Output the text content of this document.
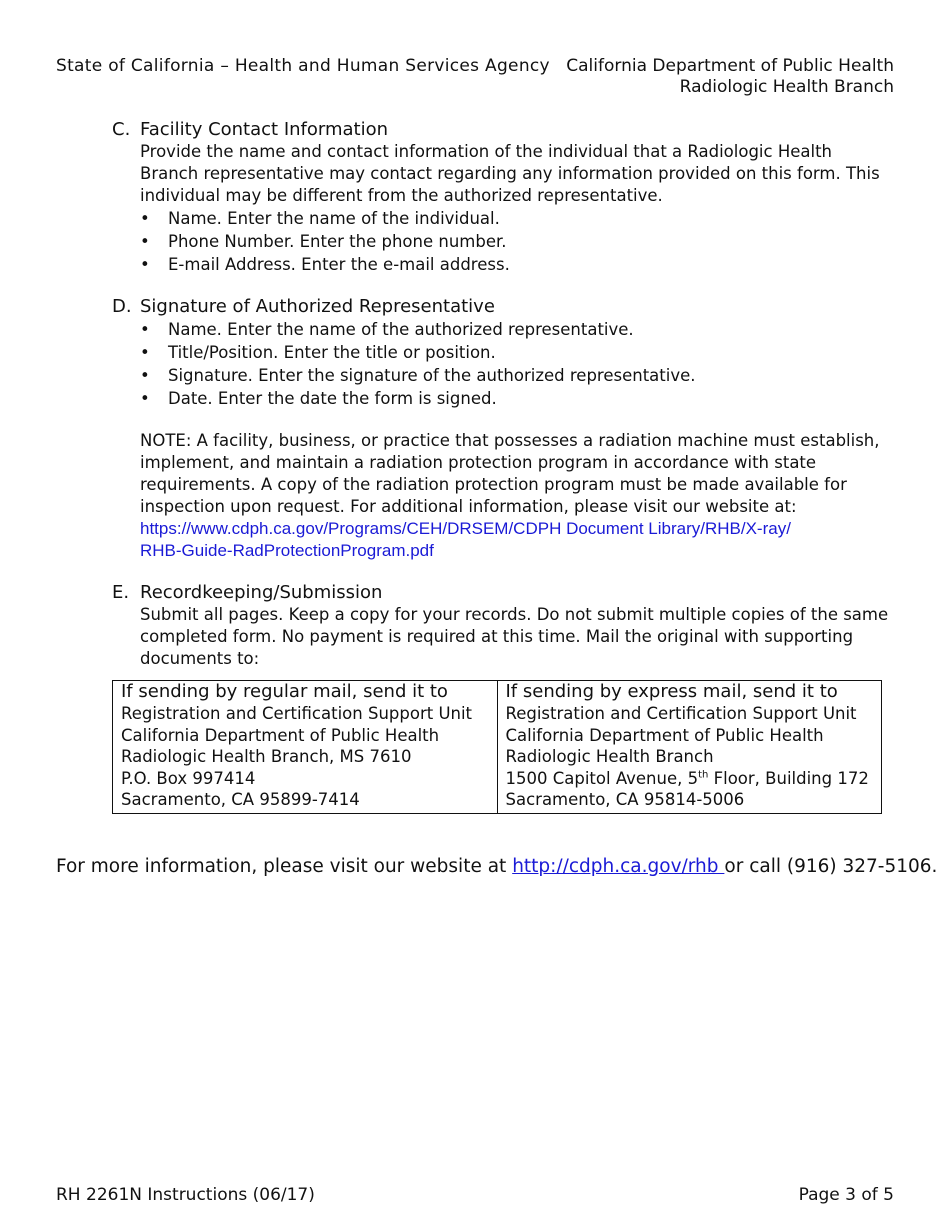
State of California – Health and Human Services Agency California Department of Public Health
Radiologic Health Branch
C. Facility Contact Information
Provide the name and contact information of the individual that a Radiologic Health Branch representative may contact regarding any information provided on this form. This individual may be different from the authorized representative.
• Name. Enter the name of the individual.
• Phone Number. Enter the phone number.
• E-mail Address. Enter the e-mail address.
D. Signature of Authorized Representative
• Name. Enter the name of the authorized representative.
• Title/Position. Enter the title or position.
• Signature. Enter the signature of the authorized representative.
• Date. Enter the date the form is signed.
NOTE: A facility, business, or practice that possesses a radiation machine must establish, implement, and maintain a radiation protection program in accordance with state requirements. A copy of the radiation protection program must be made available for inspection upon request. For additional information, please visit our website at:
https://www.cdph.ca.gov/Programs/CEH/DRSEM/CDPH Document Library/RHB/X-ray/
RHB-Guide-RadProtectionProgram.pdf
E. Recordkeeping/Submission
Submit all pages. Keep a copy for your records. Do not submit multiple copies of the same completed form. No payment is required at this time. Mail the original with supporting documents to:
If sending by regular mail, send it to
Registration and Certification Support Unit
California Department of Public Health
Radiologic Health Branch, MS 7610
P.O. Box 997414
Sacramento, CA 95899-7414

If sending by express mail, send it to
Registration and Certification Support Unit
California Department of Public Health
Radiologic Health Branch
1500 Capitol Avenue, 5th Floor, Building 172
Sacramento, CA 95814-5006
For more information, please visit our website at http://cdph.ca.gov/rhb or call (916) 327-5106.
RH 2261N Instructions (06/17)	Page 3 of 5
